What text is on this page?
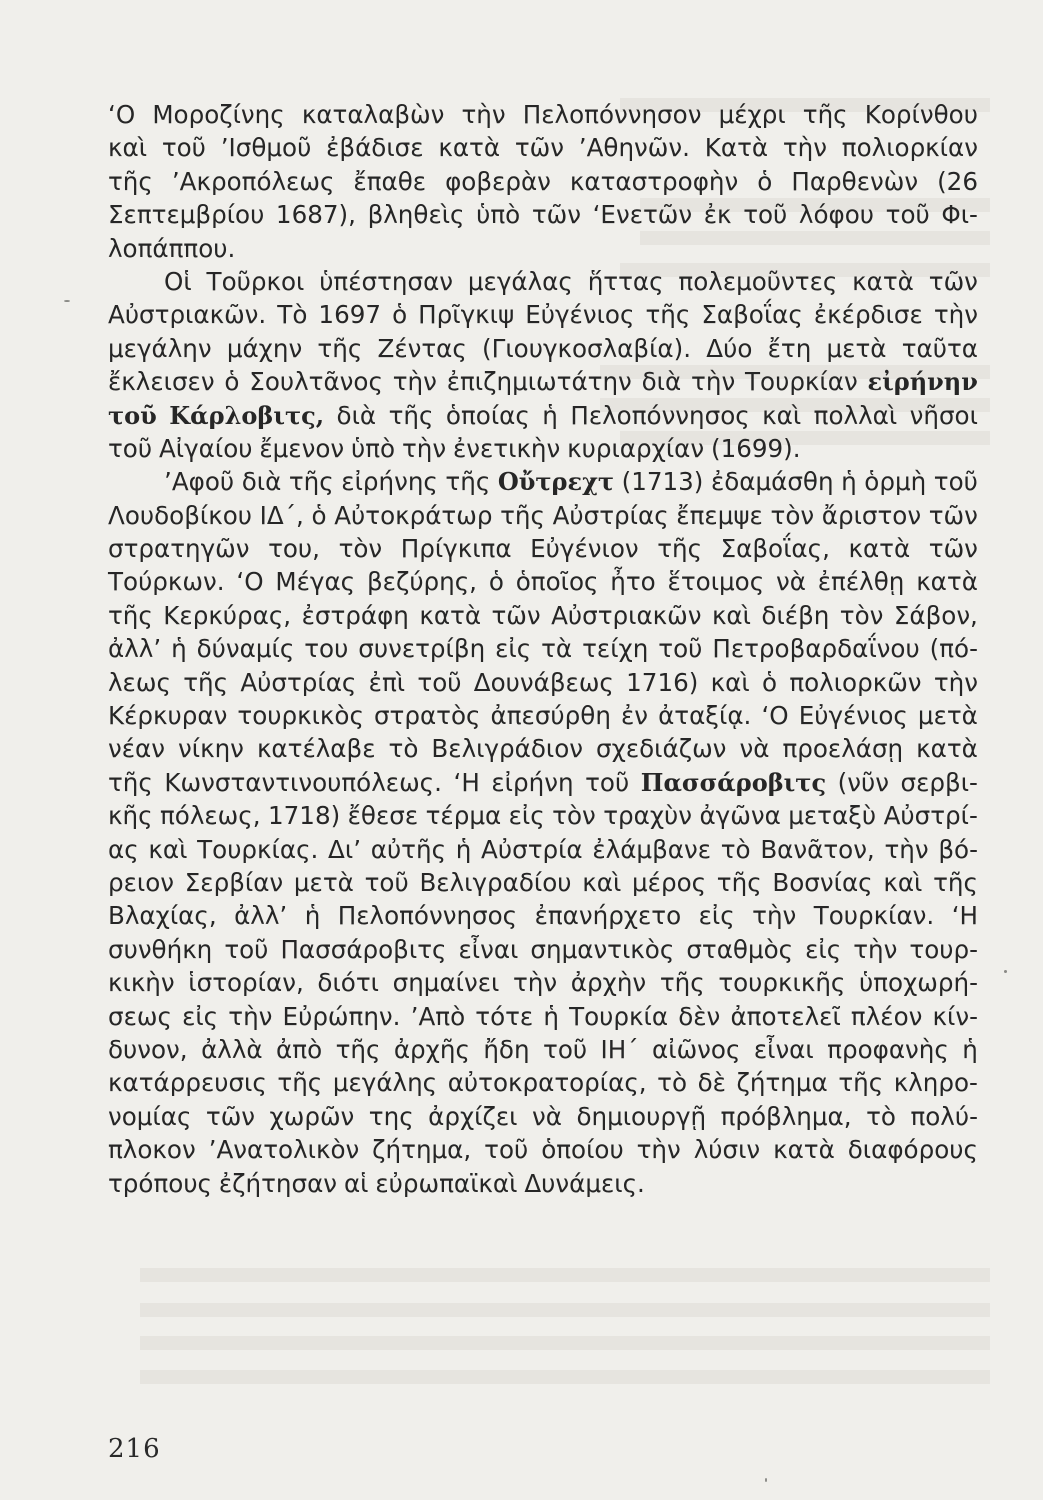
‘Ο Μοροζίνης καταλαβὼν τὴν Πελοπόννησον μέχρι τῆς Κορίνθου
καὶ τοῦ ’Ισθμοῦ ἐβάδισε κατὰ τῶν ’Αθηνῶν. Κατὰ τὴν πολιορκίαν
τῆς ’Ακροπόλεως ἔπαθε φοβερὰν καταστροφὴν ὁ Παρθενὼν (26
Σεπτεμβρίου 1687), βληθεὶς ὑπὸ τῶν ‘Ενετῶν ἐκ τοῦ λόφου τοῦ Φι-
λοπάππου.
Οἱ Τοῦρκοι ὑπέστησαν μεγάλας ἥττας πολεμοῦντες κατὰ τῶν
Αὐστριακῶν. Τὸ 1697 ὁ Πρῖγκιψ Εὐγένιος τῆς Σαβοΐας ἐκέρδισε τὴν
μεγάλην μάχην τῆς Ζέντας (Γιουγκοσλαβία). Δύο ἔτη μετὰ ταῦτα
ἔκλεισεν ὁ Σουλτᾶνος τὴν ἐπιζημιωτάτην διὰ τὴν Τουρκίαν εἰρήνην
τοῦ Κάρλοβιτς, διὰ τῆς ὁποίας ἡ Πελοπόννησος καὶ πολλαὶ νῆσοι
τοῦ Αἰγαίου ἔμενον ὑπὸ τὴν ἐνετικὴν κυριαρχίαν (1699).
’Αφοῦ διὰ τῆς εἰρήνης τῆς Οὔτρεχτ (1713) ἐδαμάσθη ἡ ὁρμὴ τοῦ
Λουδοβίκου ΙΔ΄, ὁ Αὐτοκράτωρ τῆς Αὐστρίας ἔπεμψε τὸν ἄριστον τῶν
στρατηγῶν του, τὸν Πρίγκιπα Εὐγένιον τῆς Σαβοΐας, κατὰ τῶν
Τούρκων. ‘Ο Μέγας βεζύρης, ὁ ὁποῖος ἦτο ἕτοιμος νὰ ἐπέλθῃ κατὰ
τῆς Κερκύρας, ἐστράφη κατὰ τῶν Αὐστριακῶν καὶ διέβη τὸν Σάβον,
ἀλλ’ ἡ δύναμίς του συνετρίβη εἰς τὰ τείχη τοῦ Πετροβαρδαΐνου (πό-
λεως τῆς Αὐστρίας ἐπὶ τοῦ Δουνάβεως 1716) καὶ ὁ πολιορκῶν τὴν
Κέρκυραν τουρκικὸς στρατὸς ἀπεσύρθη ἐν ἀταξίᾳ. ‘Ο Εὐγένιος μετὰ
νέαν νίκην κατέλαβε τὸ Βελιγράδιον σχεδιάζων νὰ προελάσῃ κατὰ
τῆς Κωνσταντινουπόλεως. ‘Η εἰρήνη τοῦ Πασσάροβιτς (νῦν σερβι-
κῆς πόλεως, 1718) ἔθεσε τέρμα εἰς τὸν τραχὺν ἀγῶνα μεταξὺ Αὐστρί-
ας καὶ Τουρκίας. Δι’ αὐτῆς ἡ Αὐστρία ἐλάμβανε τὸ Βανᾶτον, τὴν βό-
ρειον Σερβίαν μετὰ τοῦ Βελιγραδίου καὶ μέρος τῆς Βοσνίας καὶ τῆς
Βλαχίας, ἀλλ’ ἡ Πελοπόννησος ἐπανήρχετο εἰς τὴν Τουρκίαν. ‘Η
συνθήκη τοῦ Πασσάροβιτς εἶναι σημαντικὸς σταθμὸς εἰς τὴν τουρ-
κικὴν ἱστορίαν, διότι σημαίνει τὴν ἀρχὴν τῆς τουρκικῆς ὑποχωρή-
σεως εἰς τὴν Εὐρώπην. ’Απὸ τότε ἡ Τουρκία δὲν ἀποτελεῖ πλέον κίν-
δυνον, ἀλλὰ ἀπὸ τῆς ἀρχῆς ἤδη τοῦ ΙΗ΄ αἰῶνος εἶναι προφανὴς ἡ
κατάρρευσις τῆς μεγάλης αὐτοκρατορίας, τὸ δὲ ζήτημα τῆς κληρο-
νομίας τῶν χωρῶν της ἀρχίζει νὰ δημιουργῇ πρόβλημα, τὸ πολύ-
πλοκον ’Ανατολικὸν ζήτημα, τοῦ ὁποίου τὴν λύσιν κατὰ διαφόρους
τρόπους ἐζήτησαν αἱ εὐρωπαϊκαὶ Δυνάμεις.
216
